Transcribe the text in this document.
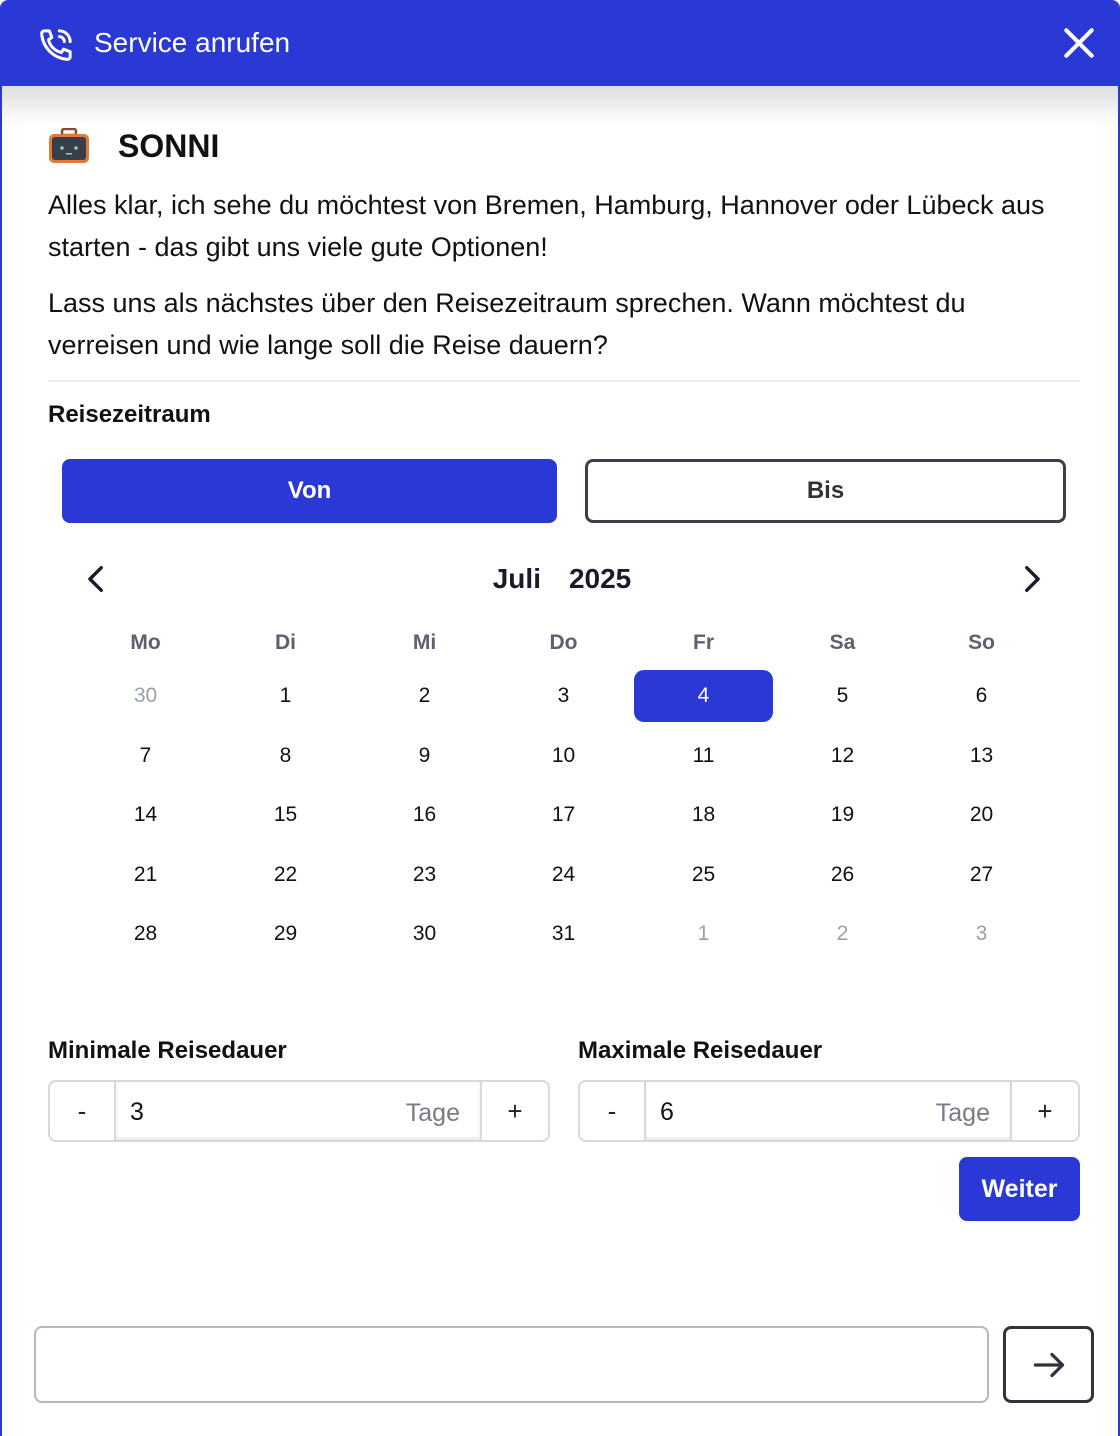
Service anrufen
SONNI
Alles klar, ich sehe du möchtest von Bremen, Hamburg, Hannover oder Lübeck aus starten - das gibt uns viele gute Optionen!
Lass uns als nächstes über den Reisezeitraum sprechen. Wann möchtest du verreisen und wie lange soll die Reise dauern?
Reisezeitraum
Von	Bis
Juli 2025
Mo	Di	Mi	Do	Fr	Sa	So
30	1	2	3	4	5	6
7	8	9	10	11	12	13
14	15	16	17	18	19	20
21	22	23	24	25	26	27
28	29	30	31	1	2	3
Minimale Reisedauer	Maximale Reisedauer
-	3	Tage	+	-	6	Tage	+
Weiter
